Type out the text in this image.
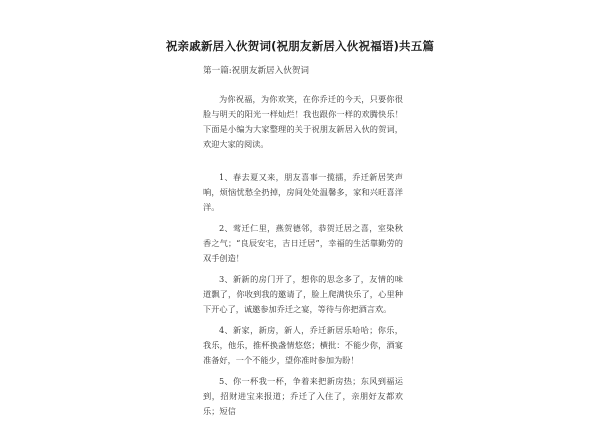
祝亲戚新居入伙贺词(祝朋友新居入伙祝福语)共五篇
第一篇:祝朋友新居入伙贺词

为你祝福，为你欢笑，在你乔迁的今天，只要你很脸与明天的阳光一样灿烂！我也跟你一样的欢腾快乐！下面是小编为大家整理的关于祝朋友新居入伙的贺词，欢迎大家的阅读。

1、春去夏又来，朋友喜事一揽擂，乔迁新居笑声响，烦恼忧愁全扔掉，房间处处温馨多，家和兴旺喜洋洋。

2、莺迁仁里，燕贺德邻，恭贺迁居之喜，室染秋香之气；“良辰安宅，吉日迁居”，幸福的生活靠勤劳的双手创造！

3、新新的房门开了，想你的思念多了，友情的味道飘了，你收到我的邀请了，脸上爬满快乐了，心里种下开心了，诚邀参加乔迁之宴，等待与你把酒言欢。

4、新家，新房，新人，乔迁新居乐哈哈；你乐，我乐，他乐，推杯换盏情悠悠；横批：不能少你，酒宴准备好，一个不能少，望你准时参加为盼！

5、你一杯我一杯，争着来把新房热；东风到福运到，招财进宝来报道；乔迁了入住了，亲朋好友都欢乐；短信
